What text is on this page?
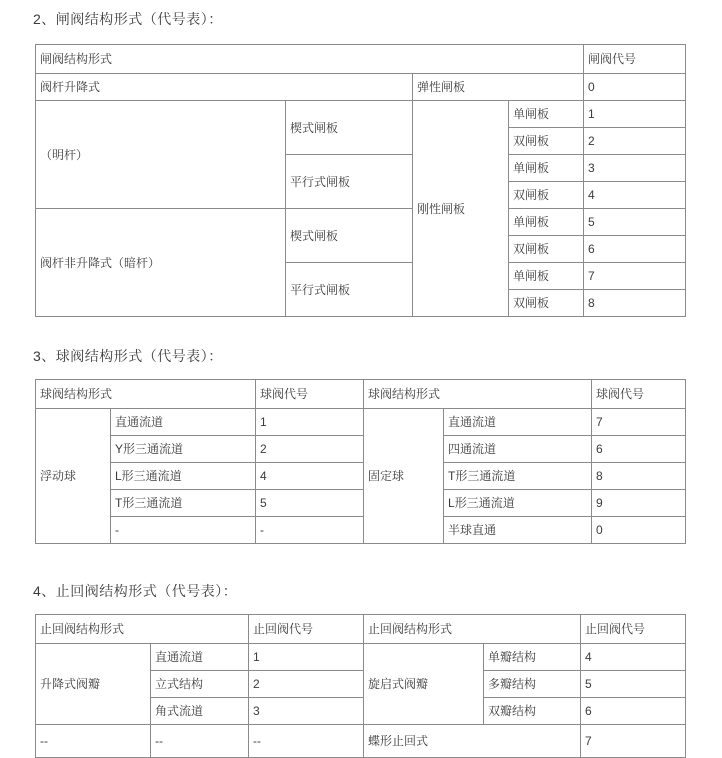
2、闸阀结构形式（代号表）：
闸阀结构形式				闸阀代号
阀杆升降式		弹性闸板		0
（明杆）	楔式闸板	刚性闸板	单闸板	1
			双闸板	2
	平行式闸板		单闸板	3
			双闸板	4
阀杆非升降式（暗杆）	楔式闸板		单闸板	5
			双闸板	6
	平行式闸板		单闸板	7
			双闸板	8
3、球阀结构形式（代号表）：
球阀结构形式		球阀代号	球阀结构形式		球阀代号
浮动球	直通流道	1	固定球	直通流道	7
	Y形三通流道	2		四通流道	6
	L形三通流道	4		T形三通流道	8
	T形三通流道	5		L形三通流道	9
	-	-		半球直通	0
4、止回阀结构形式（代号表）：
止回阀结构形式		止回阀代号	止回阀结构形式		止回阀代号
升降式阀瓣	直通流道	1	旋启式阀瓣	单瓣结构	4
	立式结构	2		多瓣结构	5
	角式流道	3		双瓣结构	6
--	--	--	蝶形止回式		7
